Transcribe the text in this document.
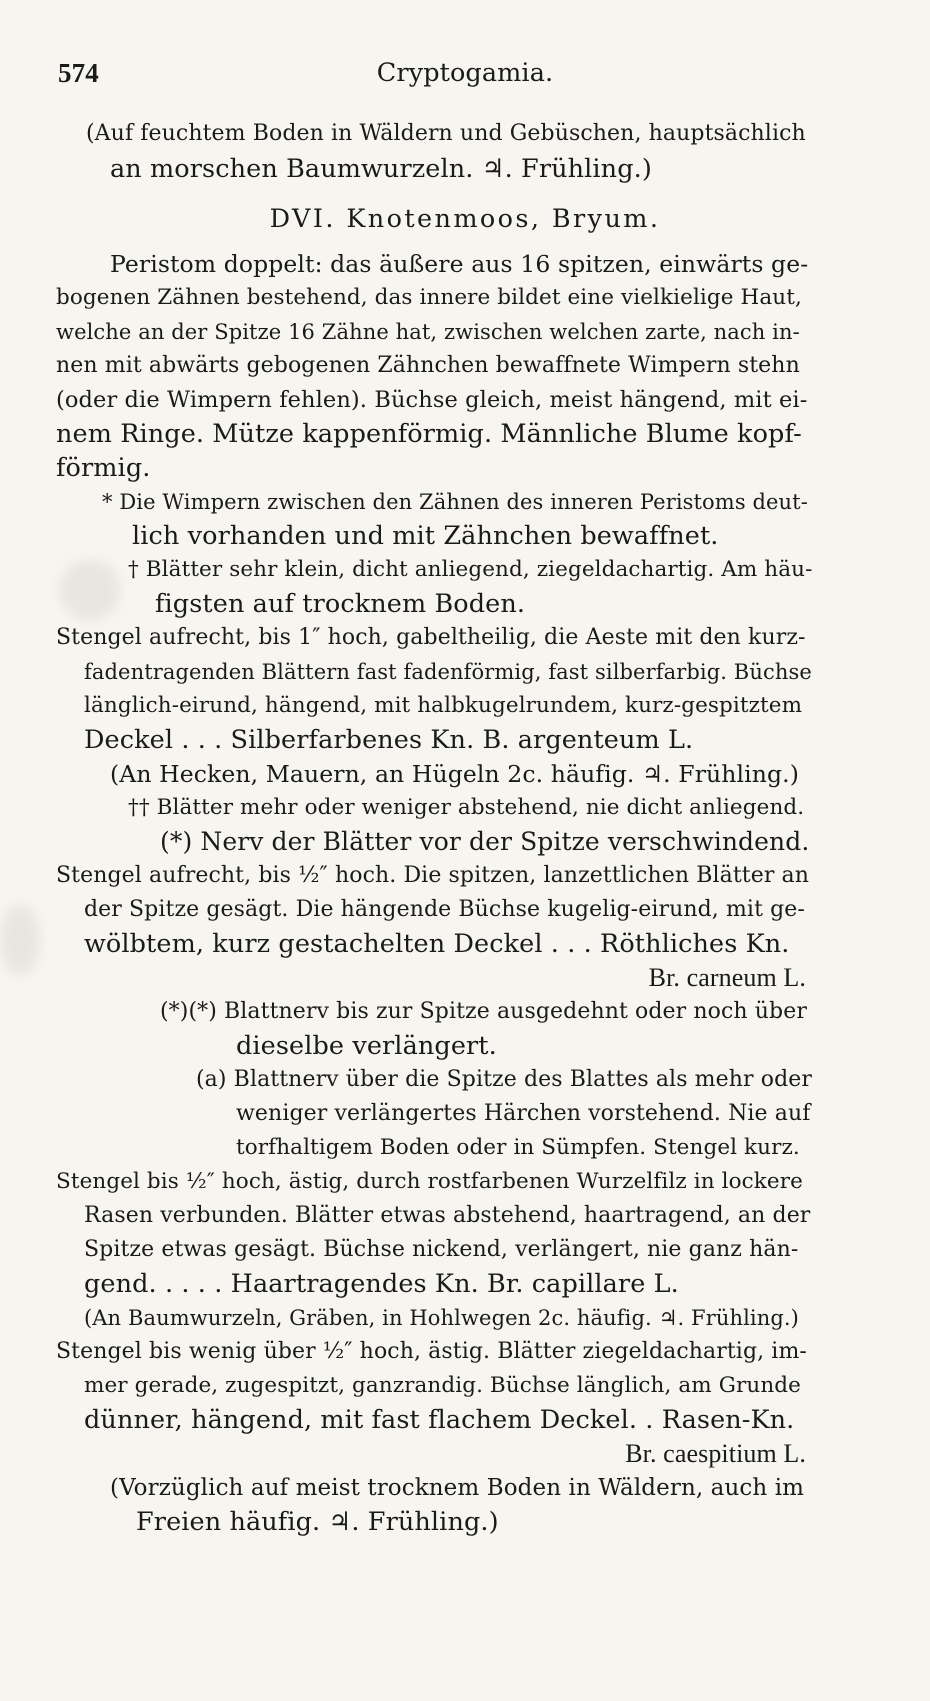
574	Cryptogamia.
(Auf feuchtem Boden in Wäldern und Gebüschen, hauptsächlich
an morschen Baumwurzeln. ♃. Frühling.)
DVI. Knotenmoos, Bryum.
Peristom doppelt: das äußere aus 16 spitzen, einwärts ge-
bogenen Zähnen bestehend, das innere bildet eine vielkielige Haut,
welche an der Spitze 16 Zähne hat, zwischen welchen zarte, nach in-
nen mit abwärts gebogenen Zähnchen bewaffnete Wimpern stehn
(oder die Wimpern fehlen). Büchse gleich, meist hängend, mit ei-
nem Ringe. Mütze kappenförmig. Männliche Blume kopf-
förmig.
* Die Wimpern zwischen den Zähnen des inneren Peristoms deut-
lich vorhanden und mit Zähnchen bewaffnet.
† Blätter sehr klein, dicht anliegend, ziegeldachartig. Am häu-
figsten auf trocknem Boden.
Stengel aufrecht, bis 1″ hoch, gabeltheilig, die Aeste mit den kurz-
fadentragenden Blättern fast fadenförmig, fast silberfarbig. Büchse
länglich-eirund, hängend, mit halbkugelrundem, kurz-gespitztem
Deckel . . . Silberfarbenes Kn. B. argenteum L.
(An Hecken, Mauern, an Hügeln 2c. häufig. ♃. Frühling.)
†† Blätter mehr oder weniger abstehend, nie dicht anliegend.
(*) Nerv der Blätter vor der Spitze verschwindend.
Stengel aufrecht, bis ½″ hoch. Die spitzen, lanzettlichen Blätter an
der Spitze gesägt. Die hängende Büchse kugelig-eirund, mit ge-
wölbtem, kurz gestachelten Deckel . . . Röthliches Kn.
Br. carneum L.
(*)(*) Blattnerv bis zur Spitze ausgedehnt oder noch über
dieselbe verlängert.
(a) Blattnerv über die Spitze des Blattes als mehr oder
weniger verlängertes Härchen vorstehend. Nie auf
torfhaltigem Boden oder in Sümpfen. Stengel kurz.
Stengel bis ½″ hoch, ästig, durch rostfarbenen Wurzelfilz in lockere
Rasen verbunden. Blätter etwas abstehend, haartragend, an der
Spitze etwas gesägt. Büchse nickend, verlängert, nie ganz hän-
gend. . . . . Haartragendes Kn. Br. capillare L.
(An Baumwurzeln, Gräben, in Hohlwegen 2c. häufig. ♃. Frühling.)
Stengel bis wenig über ½″ hoch, ästig. Blätter ziegeldachartig, im-
mer gerade, zugespitzt, ganzrandig. Büchse länglich, am Grunde
dünner, hängend, mit fast flachem Deckel. . Rasen-Kn.
Br. caespitium L.
(Vorzüglich auf meist trocknem Boden in Wäldern, auch im
Freien häufig. ♃. Frühling.)
